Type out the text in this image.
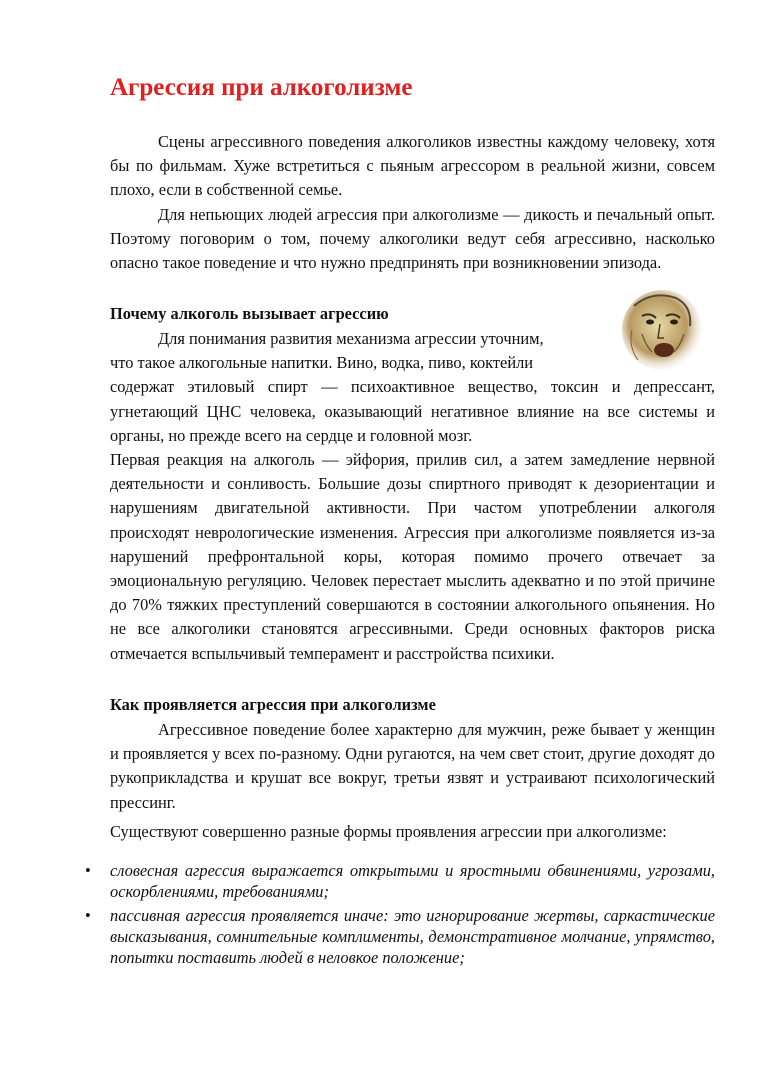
Агрессия при алкоголизме

Сцены агрессивного поведения алкоголиков известны каждому человеку, хотя бы по фильмам. Хуже встретиться с пьяным агрессором в реальной жизни, совсем плохо, если в собственной семье.

Для непьющих людей агрессия при алкоголизме — дикость и печальный опыт. Поэтому поговорим о том, почему алкоголики ведут себя агрессивно, насколько опасно такое поведение и что нужно предпринять при возникновении эпизода.

Почему алкоголь вызывает агрессию

Для понимания развития механизма агрессии уточним,

что такое алкогольные напитки. Вино, водка, пиво, коктейли

содержат этиловый спирт — психоактивное вещество, токсин и депрессант, угнетающий ЦНС человека, оказывающий негативное влияние на все системы и органы, но прежде всего на сердце и головной мозг.

Первая реакция на алкоголь — эйфория, прилив сил, а затем замедление нервной деятельности и сонливость. Большие дозы спиртного приводят к дезориентации и нарушениям двигательной активности. При частом употреблении алкоголя происходят неврологические изменения. Агрессия при алкоголизме появляется из-за нарушений префронтальной коры, которая помимо прочего отвечает за эмоциональную регуляцию. Человек перестает мыслить адекватно и по этой причине до 70% тяжких преступлений совершаются в состоянии алкогольного опьянения. Но не все алкоголики становятся агрессивными. Среди основных факторов риска отмечается вспыльчивый темперамент и расстройства психики.

Как проявляется агрессия при алкоголизме

Агрессивное поведение более характерно для мужчин, реже бывает у женщин и проявляется у всех по-разному. Одни ругаются, на чем свет стоит, другие доходят до рукоприкладства и крушат все вокруг, третьи язвят и устраивают психологический прессинг.

Существуют совершенно разные формы проявления агрессии при алкоголизме:

• словесная агрессия выражается открытыми и яростными обвинениями, угрозами, оскорблениями, требованиями;
• пассивная агрессия проявляется иначе: это игнорирование жертвы, саркастические высказывания, сомнительные комплименты, демонстративное молчание, упрямство, попытки поставить людей в неловкое положение;
